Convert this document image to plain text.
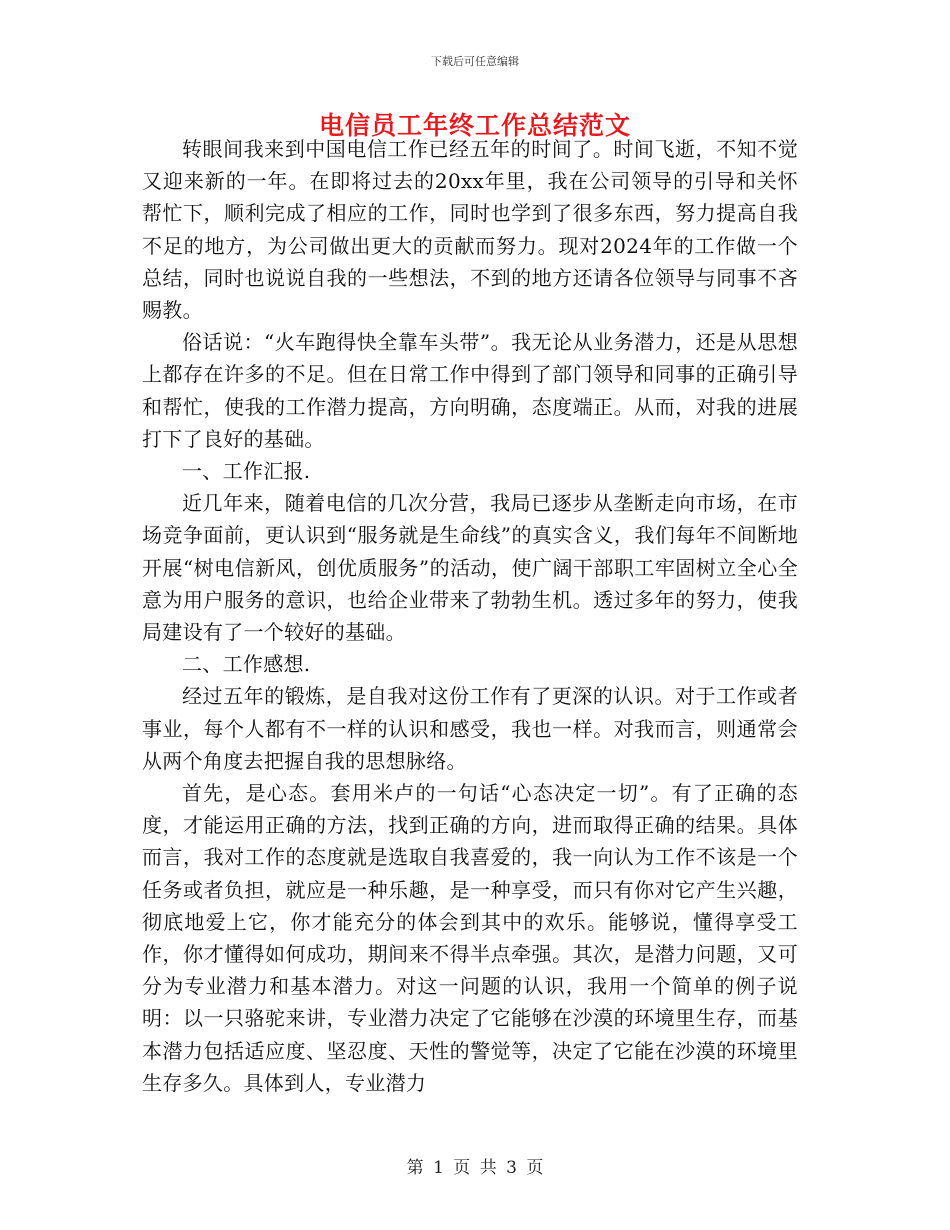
下载后可任意编辑
电信员工年终工作总结范文

转眼间我来到中国电信工作已经五年的时间了。时间飞逝，不知不觉又迎来新的一年。在即将过去的20xx年里，我在公司领导的引导和关怀帮忙下，顺利完成了相应的工作，同时也学到了很多东西，努力提高自我不足的地方，为公司做出更大的贡献而努力。现对2024年的工作做一个总结，同时也说说自我的一些想法，不到的地方还请各位领导与同事不吝赐教。

俗话说：“火车跑得快全靠车头带”。我无论从业务潜力，还是从思想上都存在许多的不足。但在日常工作中得到了部门领导和同事的正确引导和帮忙，使我的工作潜力提高，方向明确，态度端正。从而，对我的进展打下了良好的基础。

一、工作汇报.

近几年来，随着电信的几次分营，我局已逐步从垄断走向市场，在市场竞争面前，更认识到“服务就是生命线”的真实含义，我们每年不间断地开展“树电信新风，创优质服务”的活动，使广阔干部职工牢固树立全心全意为用户服务的意识，也给企业带来了勃勃生机。透过多年的努力，使我局建设有了一个较好的基础。

二、工作感想.

经过五年的锻炼，是自我对这份工作有了更深的认识。对于工作或者事业，每个人都有不一样的认识和感受，我也一样。对我而言，则通常会从两个角度去把握自我的思想脉络。

首先，是心态。套用米卢的一句话“心态决定一切”。有了正确的态度，才能运用正确的方法，找到正确的方向，进而取得正确的结果。具体而言，我对工作的态度就是选取自我喜爱的，我一向认为工作不该是一个任务或者负担，就应是一种乐趣，是一种享受，而只有你对它产生兴趣，彻底地爱上它，你才能充分的体会到其中的欢乐。能够说，懂得享受工作，你才懂得如何成功，期间来不得半点牵强。其次，是潜力问题，又可分为专业潜力和基本潜力。对这一问题的认识，我用一个简单的例子说明：以一只骆驼来讲，专业潜力决定了它能够在沙漠的环境里生存，而基本潜力包括适应度、坚忍度、天性的警觉等，决定了它能在沙漠的环境里生存多久。具体到人，专业潜力

第 1 页 共 3 页
